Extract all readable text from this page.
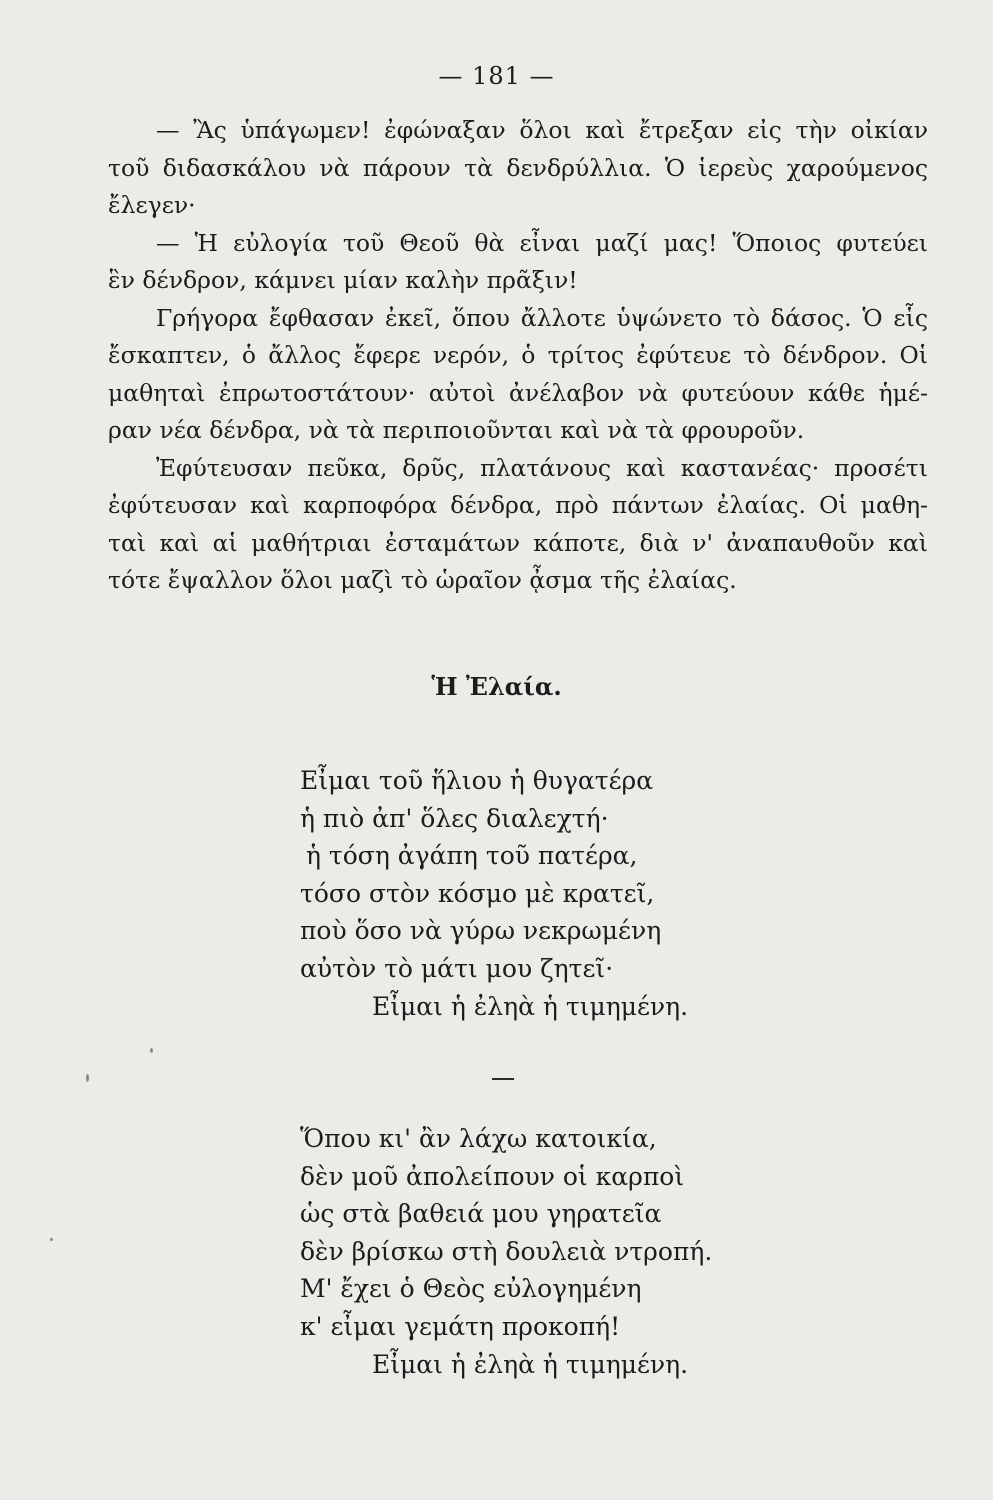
— 181 —
— Ἂς ὑπάγωμεν! ἐφώναξαν ὅλοι καὶ ἔτρεξαν εἰς τὴν οἰκίαν
τοῦ διδασκάλου νὰ πάρουν τὰ δενδρύλλια. Ὁ ἱερεὺς χαρούμενος
ἔλεγεν·
— Ἡ εὐλογία τοῦ Θεοῦ θὰ εἶναι μαζί μας! Ὅποιος φυτεύει
ἓν δένδρον, κάμνει μίαν καλὴν πρᾶξιν!
Γρήγορα ἔφθασαν ἐκεῖ, ὅπου ἄλλοτε ὑψώνετο τὸ δάσος. Ὁ εἷς
ἔσκαπτεν, ὁ ἄλλος ἔφερε νερόν, ὁ τρίτος ἐφύτευε τὸ δένδρον. Οἱ
μαθηταὶ ἐπρωτοστάτουν· αὐτοὶ ἀνέλαβον νὰ φυτεύουν κάθε ἡμέ-
ραν νέα δένδρα, νὰ τὰ περιποιοῦνται καὶ νὰ τὰ φρουροῦν.
Ἐφύτευσαν πεῦκα, δρῦς, πλατάνους καὶ καστανέας· προσέτι
ἐφύτευσαν καὶ καρποφόρα δένδρα, πρὸ πάντων ἐλαίας. Οἱ μαθη-
ταὶ καὶ αἱ μαθήτριαι ἐσταμάτων κάποτε, διὰ ν' ἀναπαυθοῦν καὶ
τότε ἔψαλλον ὅλοι μαζὶ τὸ ὡραῖον ᾆσμα τῆς ἐλαίας.
Ἡ Ἐλαία.
Εἶμαι τοῦ ἥλιου ἡ θυγατέρα
ἡ πιὸ ἀπ' ὅλες διαλεχτή·
ἡ τόση ἀγάπη τοῦ πατέρα,
τόσο στὸν κόσμο μὲ κρατεῖ,
ποὺ ὅσο νὰ γύρω νεκρωμένη
αὐτὸν τὸ μάτι μου ζητεῖ·
Εἶμαι ἡ ἐληὰ ἡ τιμημένη.
Ὅπου κι' ἂν λάχω κατοικία,
δὲν μοῦ ἀπολείπουν οἱ καρποὶ
ὡς στὰ βαθειά μου γηρατεῖα
δὲν βρίσκω στὴ δουλειὰ ντροπή.
Μ' ἔχει ὁ Θεὸς εὐλογημένη
κ' εἶμαι γεμάτη προκοπή!
Εἶμαι ἡ ἐληὰ ἡ τιμημένη.
